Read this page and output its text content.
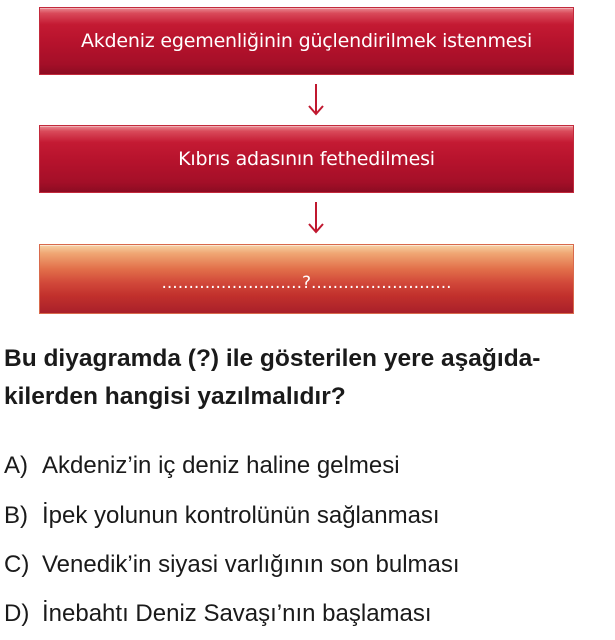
Akdeniz egemenliğinin güçlendirilmek istenmesi
Kıbrıs adasının fethedilmesi
..........................?..........................
Bu diyagramda (?) ile gösterilen yere aşağıda-
kilerden hangisi yazılmalıdır?
A) Akdeniz’in iç deniz haline gelmesi
B) İpek yolunun kontrolünün sağlanması
C) Venedik’in siyasi varlığının son bulması
D) İnebahtı Deniz Savaşı’nın başlaması
